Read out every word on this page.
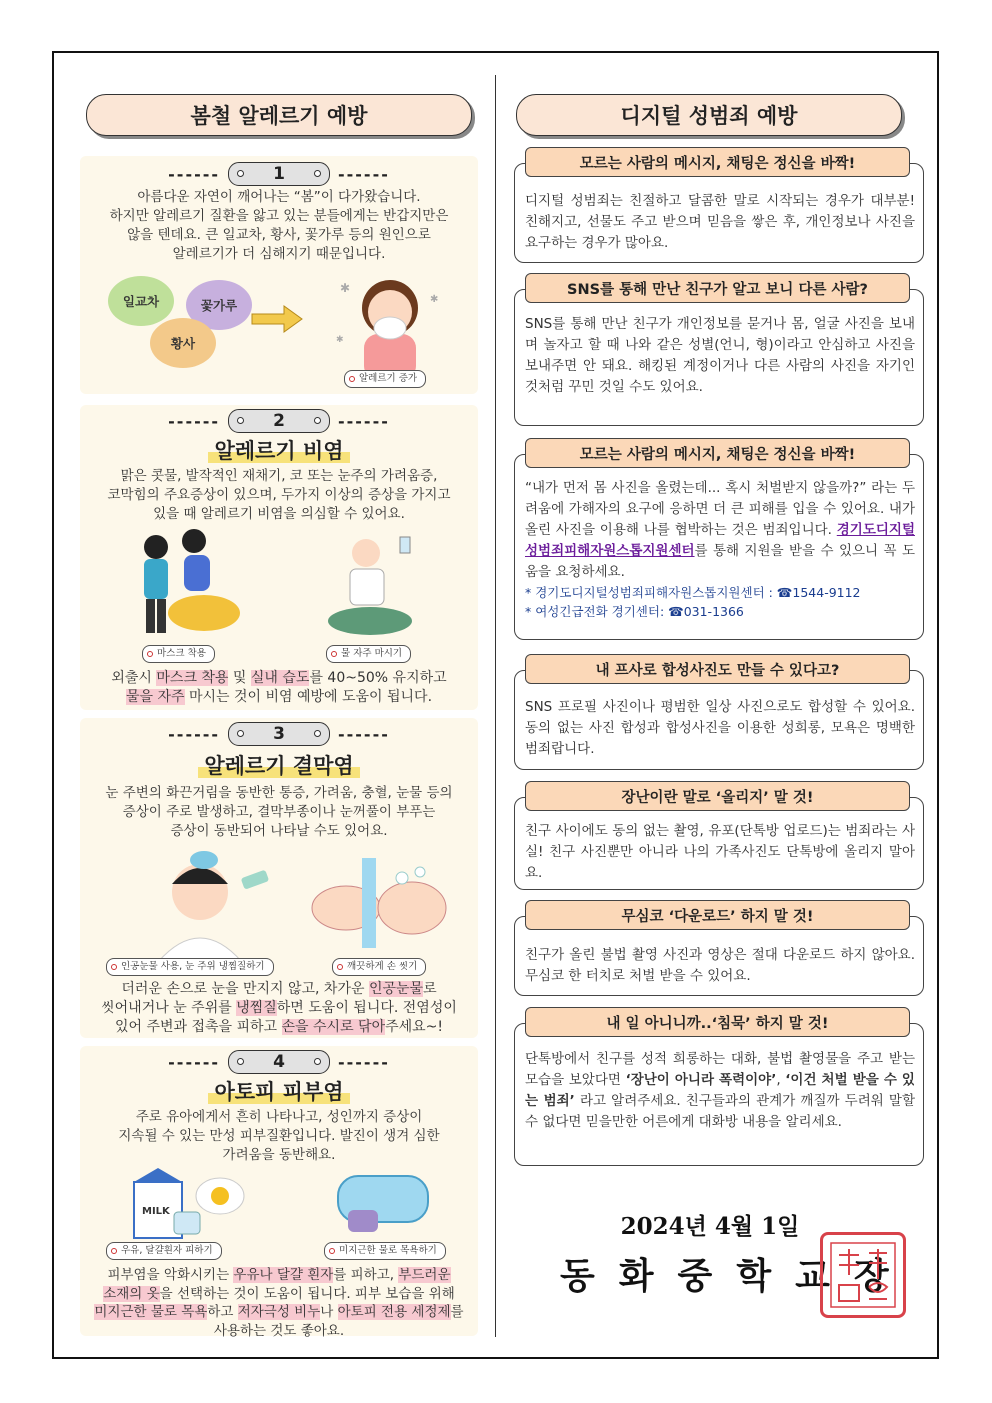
봄철 알레르기 예방
------	1	------
아름다운 자연이 깨어나는 “봄”이 다가왔습니다.
하지만 알레르기 질환을 앓고 있는 분들에게는 반갑지만은
않을 텐데요. 큰 일교차, 황사, 꽃가루 등의 원인으로
알레르기가 더 심해지기 때문입니다.
일교차	꽃가루
황사
✱
✱
✱
알레르기 증가
------	2	------
알레르기 비염
맑은 콧물, 발작적인 재채기, 코 또는 눈주의 가려움증,
코막힘의 주요증상이 있으며, 두가지 이상의 증상을 가지고
있을 때 알레르기 비염을 의심할 수 있어요.
마스크 착용	물 자주 마시기
외출시 마스크 착용 및 실내 습도를 40~50% 유지하고
물을 자주 마시는 것이 비염 예방에 도움이 됩니다.
------	3	------
알레르기 결막염
눈 주변의 화끈거림을 동반한 통증, 가려움, 충혈, 눈물 등의
증상이 주로 발생하고, 결막부종이나 눈꺼풀이 부푸는
증상이 동반되어 나타날 수도 있어요.
인공눈물 사용, 눈 주위 냉찜질하기	깨끗하게 손 씻기
더러운 손으로 눈을 만지지 않고, 차가운 인공눈물로
씻어내거나 눈 주위를 냉찜질하면 도움이 됩니다. 전염성이
있어 주변과 접촉을 피하고 손을 수시로 닦아주세요~!
------	4	------
아토피 피부염
주로 유아에게서 흔히 나타나고, 성인까지 증상이
지속될 수 있는 만성 피부질환입니다. 발진이 생겨 심한
가려움을 동반해요.
MILK
우유, 달걀흰자 피하기	미지근한 물로 목욕하기
피부염을 악화시키는 우유나 달걀 흰자를 피하고, 부드러운
소재의 옷을 선택하는 것이 도움이 됩니다. 피부 보습을 위해
미지근한 물로 목욕하고 저자극성 비누나 아토피 전용 세정제를
사용하는 것도 좋아요.
디지털 성범죄 예방
모르는 사람의 메시지, 채팅은 정신을 바짝!
디지털 성범죄는 친절하고 달콤한 말로 시작되는 경우가 대부분! 친해지고, 선물도 주고 받으며 믿음을 쌓은 후, 개인정보나 사진을 요구하는 경우가 많아요.
SNS를 통해 만난 친구가 알고 보니 다른 사람?
SNS를 통해 만난 친구가 개인정보를 묻거나 몸, 얼굴 사진을 보내며 놀자고 할 때 나와 같은 성별(언니, 형)이라고 안심하고 사진을 보내주면 안 돼요. 해킹된 계정이거나 다른 사람의 사진을 자기인 것처럼 꾸민 것일 수도 있어요.
모르는 사람의 메시지, 채팅은 정신을 바짝!
“내가 먼저 몸 사진을 올렸는데... 혹시 처벌받지 않을까?” 라는 두려움에 가해자의 요구에 응하면 더 큰 피해를 입을 수 있어요. 내가 올린 사진을 이용해 나를 협박하는 것은 범죄입니다. 경기도디지털성범죄피해자원스톱지원센터를 통해 지원을 받을 수 있으니 꼭 도움을 요청하세요.
* 경기도디지털성범죄피해자원스톱지원센터 : ☎1544-9112
* 여성긴급전화 경기센터: ☎031-1366
내 프사로 합성사진도 만들 수 있다고?
SNS 프로필 사진이나 평범한 일상 사진으로도 합성할 수 있어요. 동의 없는 사진 합성과 합성사진을 이용한 성희롱, 모욕은 명백한 범죄랍니다.
장난이란 말로 ‘올리지’ 말 것!
친구 사이에도 동의 없는 촬영, 유포(단톡방 업로드)는 범죄라는 사실! 친구 사진뿐만 아니라 나의 가족사진도 단톡방에 올리지 말아요.
무심코 ‘다운로드’ 하지 말 것!
친구가 올린 불법 촬영 사진과 영상은 절대 다운로드 하지 않아요. 무심코 한 터치로 처벌 받을 수 있어요.
내 일 아니니까..‘침묵’ 하지 말 것!
단톡방에서 친구를 성적 희롱하는 대화, 불법 촬영물을 주고 받는 모습을 보았다면 ‘장난이 아니라 폭력이야’, ‘이건 처벌 받을 수 있는 범죄’ 라고 알려주세요. 친구들과의 관계가 깨질까 두려워 말할 수 없다면 믿을만한 어른에게 대화방 내용을 알리세요.
2024년 4월 1일
동화중학교장
